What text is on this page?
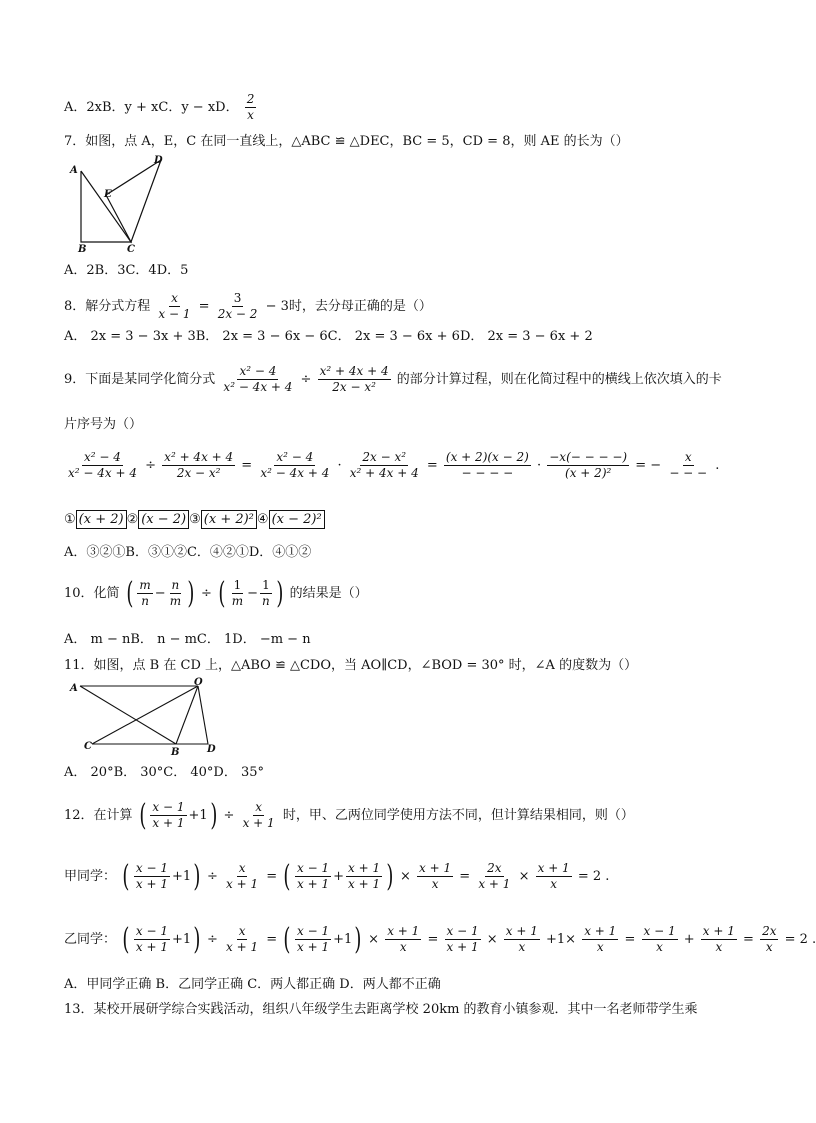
A．2xB．y + xC．y − xD． $\frac{2}{x}$
7．如图，点 A，E，C 在同一直线上，△ABC ≌ △DEC，BC = 5，CD = 8，则 AE 的长为（）
A
B	C
D
E
A．2B．3C．4D．5
8．解分式方程 $\frac{x}{x - 1} = \frac{3}{2x - 2} - 3$时，去分母正确的是（）
A． 2x = 3 − 3x + 3B． 2x = 3 − 6x − 6C． 2x = 3 − 6x + 6D． 2x = 3 − 6x + 2
9．下面是某同学化简分式 $\frac{\text{x² − 4}}{\text{x² − 4x + 4}} \div \frac{\text{x² + 4x + 4}}{\text{2x − x²}}$ 的部分计算过程，则在化简过程中的横线上依次填入的卡
片序号为（）
$\frac{\text{x² − 4}}{\text{x² − 4x + 4}} \div \frac{\text{x² + 4x + 4}}{\text{2x − x²}} = \frac{\text{x² − 4}}{\text{x² − 4x + 4}} \cdot \frac{\text{2x − x²}}{\text{x² + 4x + 4}} = \frac{(x + 2)(x - 2)}{- - - -} \cdot \frac{-x(- - - -)}{\text{(x + 2)²}}$ = − $\frac{x}{- - -}$ .
① (x + 2) ② (x − 2) ③ (x + 2)² ④ (x − 2)²
A．③②①B．③①②C．④②①D．④①②
10．化简 ( $\frac{m}{n} - \frac{n}{m}$ ) ÷ ( $\frac{1}{m} - \frac{1}{n}$ ) 的结果是（）
A． m − nB． n − mC． 1D． −m − n
11．如图，点 B 在 CD 上，△ABO ≌ △CDO，当 AO∥CD，∠BOD = 30° 时，∠A 的度数为（）
A
O
C
B	D
A． 20°B． 30°C． 40°D． 35°
12．在计算 ( $\frac{x - 1}{x + 1} +1) \div \frac{x}{x + 1}$ 时，甲、乙两位同学使用方法不同，但计算结果相同，则（）
甲同学： ( $\frac{x - 1}{x + 1} +1) \div \frac{x}{x + 1}$ = ( $\frac{x - 1}{x + 1} + \frac{x + 1}{x + 1}$ ) × $\frac{x + 1}{x} = \frac{2x}{x + 1} \times \frac{x + 1}{x} = 2$ .
乙同学： ( $\frac{x - 1}{x + 1} +1) \div \frac{x}{x + 1}$ = ( $\frac{x - 1}{x + 1} +1) \times \frac{x + 1}{x} = \frac{x - 1}{x + 1} \times \frac{x + 1}{x} +1\times \frac{x + 1}{x} = \frac{x - 1}{x} + \frac{x + 1}{x} = \frac{2x}{x} = 2$ .
A．甲同学正确 B．乙同学正确 C．两人都正确 D．两人都不正确
13．某校开展研学综合实践活动，组织八年级学生去距离学校 20km 的教育小镇参观．其中一名老师带学生乘
